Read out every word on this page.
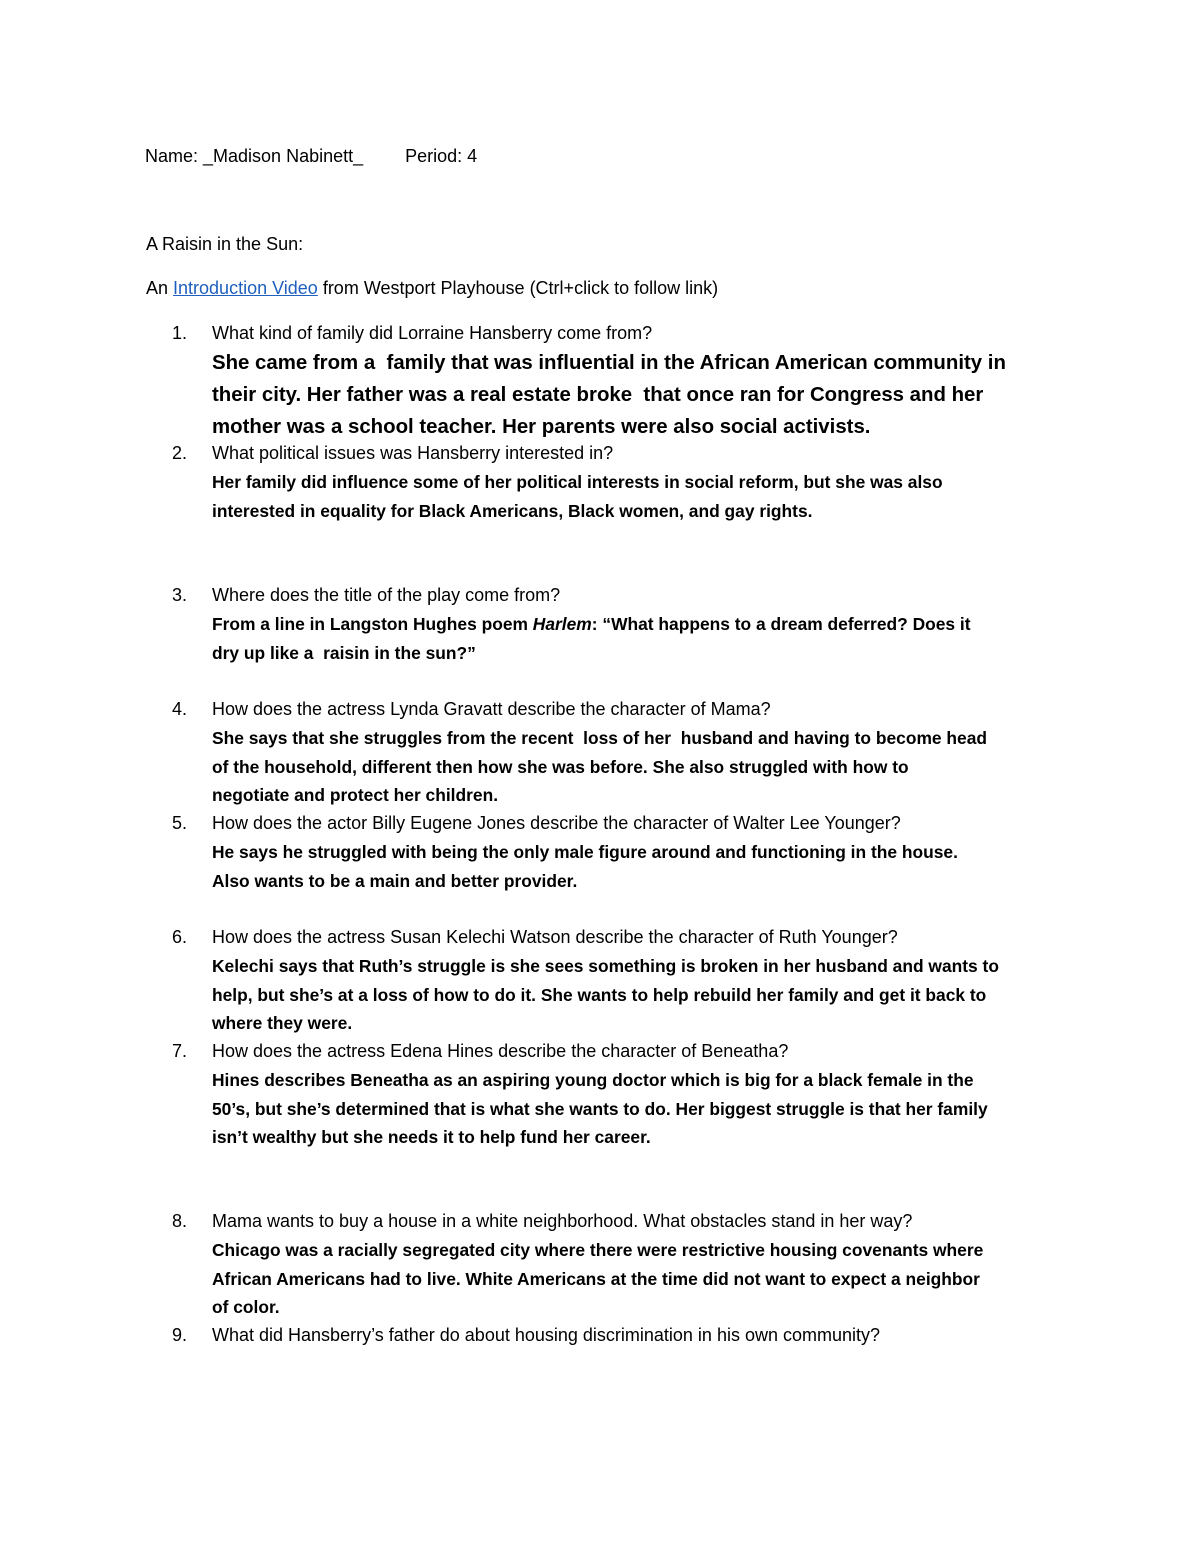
Name: _Madison Nabinett_ Period: 4
A Raisin in the Sun:
An Introduction Video from Westport Playhouse (Ctrl+click to follow link)
1. What kind of family did Lorraine Hansberry come from?
She came from a  family that was influential in the African American community in
their city. Her father was a real estate broke  that once ran for Congress and her
mother was a school teacher. Her parents were also social activists.
2. What political issues was Hansberry interested in?
Her family did influence some of her political interests in social reform, but she was also
interested in equality for Black Americans, Black women, and gay rights.
3. Where does the title of the play come from?
From a line in Langston Hughes poem Harlem: “What happens to a dream deferred? Does it
dry up like a  raisin in the sun?”
4. How does the actress Lynda Gravatt describe the character of Mama?
She says that she struggles from the recent  loss of her  husband and having to become head
of the household, different then how she was before. She also struggled with how to
negotiate and protect her children.
5. How does the actor Billy Eugene Jones describe the character of Walter Lee Younger?
He says he struggled with being the only male figure around and functioning in the house.
Also wants to be a main and better provider.
6. How does the actress Susan Kelechi Watson describe the character of Ruth Younger?
Kelechi says that Ruth’s struggle is she sees something is broken in her husband and wants to
help, but she’s at a loss of how to do it. She wants to help rebuild her family and get it back to
where they were.
7. How does the actress Edena Hines describe the character of Beneatha?
Hines describes Beneatha as an aspiring young doctor which is big for a black female in the
50’s, but she’s determined that is what she wants to do. Her biggest struggle is that her family
isn’t wealthy but she needs it to help fund her career.
8. Mama wants to buy a house in a white neighborhood. What obstacles stand in her way?
Chicago was a racially segregated city where there were restrictive housing covenants where
African Americans had to live. White Americans at the time did not want to expect a neighbor
of color.
9. What did Hansberry’s father do about housing discrimination in his own community?
